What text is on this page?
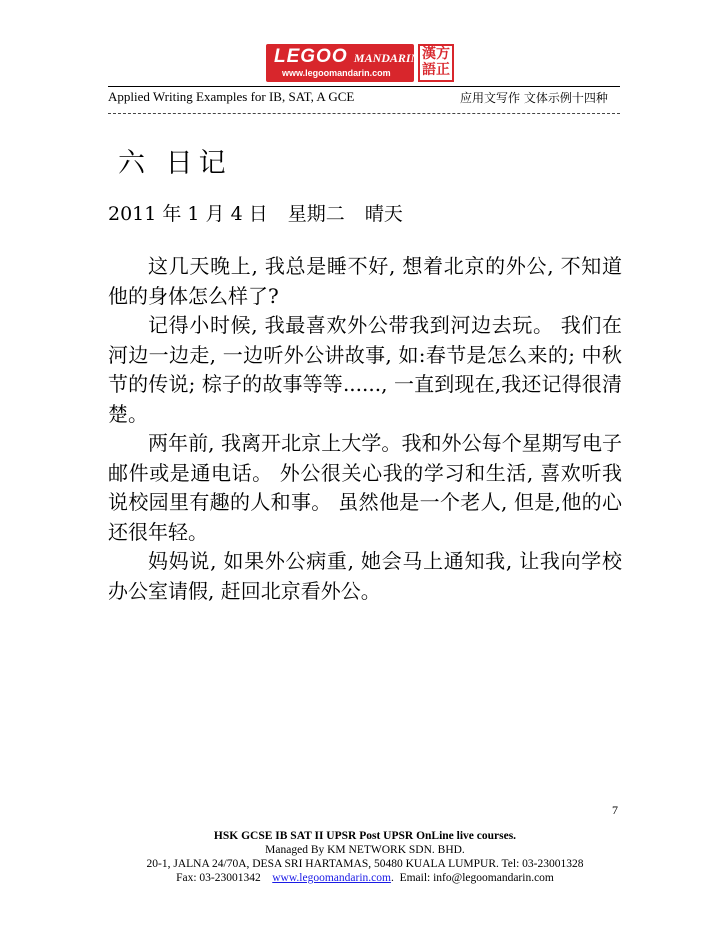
LEGOO MANDARIN
www.legoomandarin.com
漢方
語正
Applied Writing Examples for IB, SAT, A GCE	应用文写作 文体示例十四种
六 日记
2011 年 1 月 4 日 星期二 晴天

这几天晚上, 我总是睡不好, 想着北京的外公, 不知道他的身体怎么样了?

记得小时候, 我最喜欢外公带我到河边去玩。 我们在河边一边走, 一边听外公讲故事, 如:春节是怎么来的; 中秋节的传说; 棕子的故事等等......, 一直到现在,我还记得很清楚。

两年前, 我离开北京上大学。我和外公每个星期写电子邮件或是通电话。 外公很关心我的学习和生活, 喜欢听我说校园里有趣的人和事。 虽然他是一个老人, 但是,他的心还很年轻。

妈妈说, 如果外公病重, 她会马上通知我, 让我向学校办公室请假, 赶回北京看外公。

7
HSK GCSE IB SAT II UPSR Post UPSR OnLine live courses.
Managed By KM NETWORK SDN. BHD.
20-1, JALNA 24/70A, DESA SRI HARTAMAS, 50480 KUALA LUMPUR. Tel: 03-23001328
Fax: 03-23001342 www.legoomandarin.com.  Email: info@legoomandarin.com
